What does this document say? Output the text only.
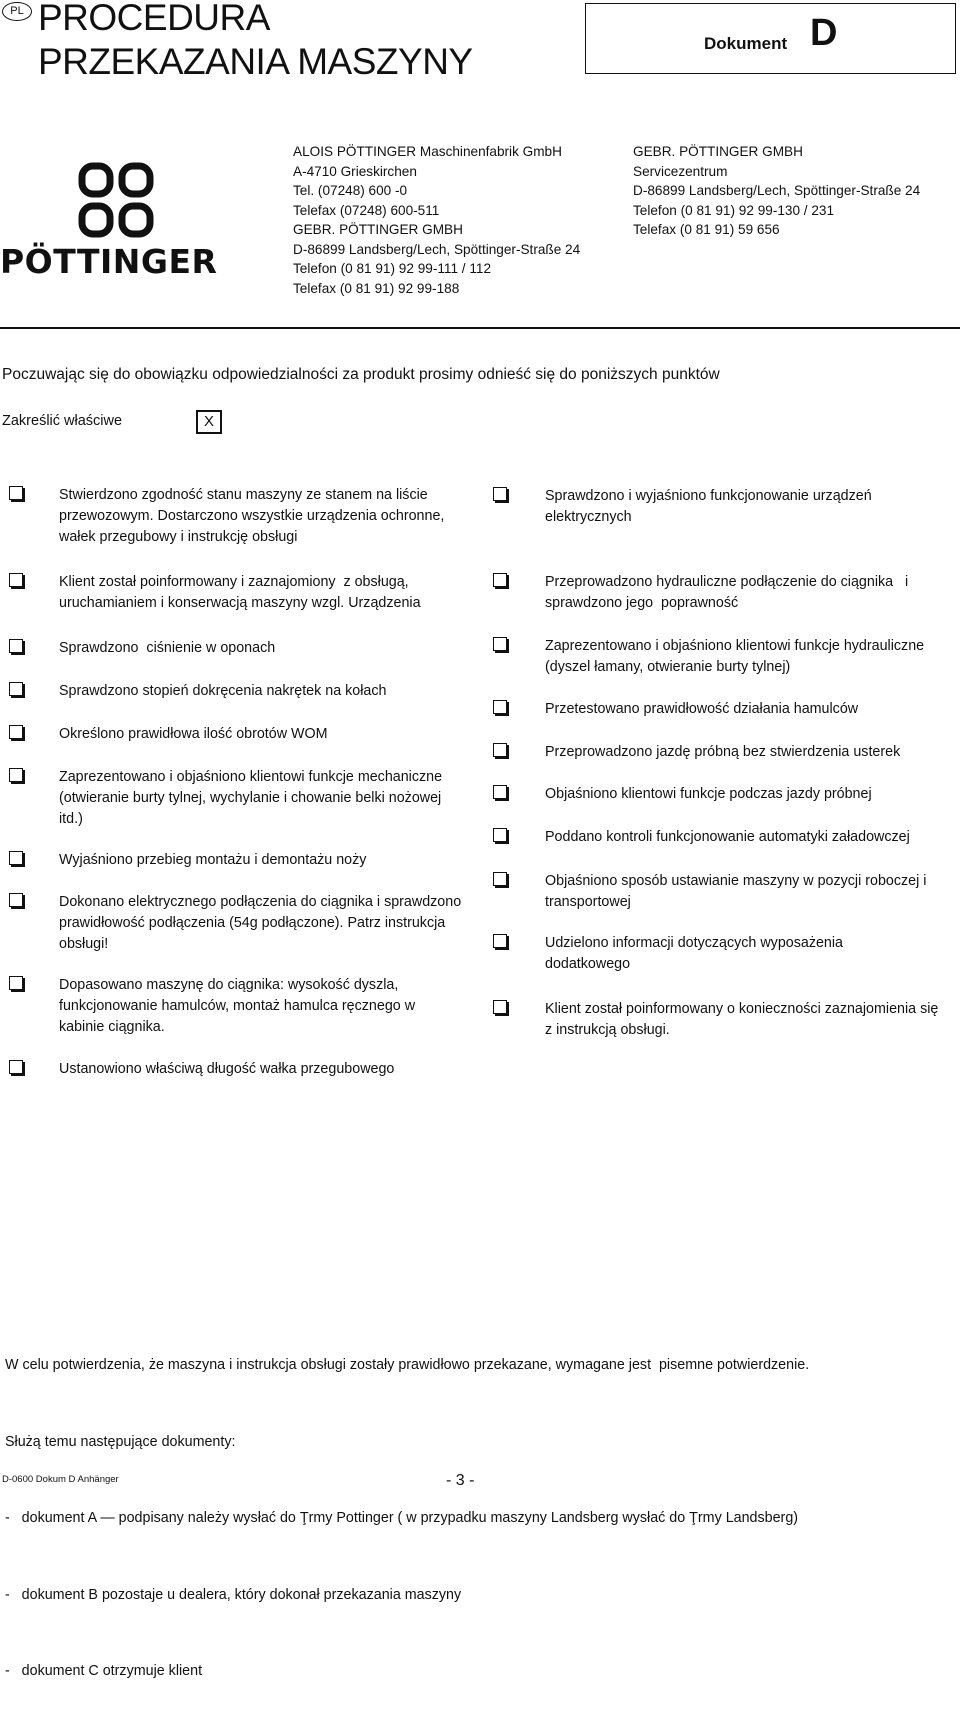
PL PROCEDURA
PRZEKAZANIA MASZYNY	Dokument D
PÖTTINGER
ALOIS PÖTTINGER Maschinenfabrik GmbH
A-4710 Grieskirchen
Tel. (07248) 600 -0
Telefax (07248) 600-511
GEBR. PÖTTINGER GMBH
D-86899 Landsberg/Lech, Spöttinger-Straße 24
Telefon (0 81 91) 92 99-111 / 112
Telefax (0 81 91) 92 99-188
GEBR. PÖTTINGER GMBH
Servicezentrum
D-86899 Landsberg/Lech, Spöttinger-Straße 24
Telefon (0 81 91) 92 99-130 / 231
Telefax (0 81 91) 59 656
Poczuwając się do obowiązku odpowiedzialności za produkt prosimy odnieść się do poniższych punktów
Zakreślić właściwe	X
Stwierdzono zgodność stanu maszyny ze stanem na liście
przewozowym. Dostarczono wszystkie urządzenia ochronne,
wałek przegubowy i instrukcję obsługi
Klient został poinformowany i zaznajomiony  z obsługą,
uruchamianiem i konserwacją maszyny wzgl. Urządzenia
Sprawdzono  ciśnienie w oponach
Sprawdzono stopień dokręcenia nakrętek na kołach
Określono prawidłowa ilość obrotów WOM
Zaprezentowano i objaśniono klientowi funkcje mechaniczne
(otwieranie burty tylnej, wychylanie i chowanie belki nożowej
itd.)
Wyjaśniono przebieg montażu i demontażu noży
Dokonano elektrycznego podłączenia do ciągnika i sprawdzono
prawidłowość podłączenia (54g podłączone). Patrz instrukcja
obsługi!
Dopasowano maszynę do ciągnika: wysokość dyszla,
funkcjonowanie hamulców, montaż hamulca ręcznego w
kabinie ciągnika.
Ustanowiono właściwą długość wałka przegubowego
Sprawdzono i wyjaśniono funkcjonowanie urządzeń
elektrycznych
Przeprowadzono hydrauliczne podłączenie do ciągnika   i
sprawdzono jego  poprawność
Zaprezentowano i objaśniono klientowi funkcje hydrauliczne
(dyszel łamany, otwieranie burty tylnej)
Przetestowano prawidłowość działania hamulców
Przeprowadzono jazdę próbną bez stwierdzenia usterek
Objaśniono klientowi funkcje podczas jazdy próbnej
Poddano kontroli funkcjonowanie automatyki załadowczej
Objaśniono sposób ustawianie maszyny w pozycji roboczej i
transportowej
Udzielono informacji dotyczących wyposażenia
dodatkowego
Klient został poinformowany o konieczności zaznajomienia się
z instrukcją obsługi.

W celu potwierdzenia, że maszyna i instrukcja obsługi zostały prawidłowo przekazane, wymagane jest  pisemne potwierdzenie.

Służą temu następujące dokumenty:

-   dokument A — podpisany należy wysłać do Ţrmy Pottinger ( w przypadku maszyny Landsberg wysłać do Ţrmy Landsberg)

-   dokument B pozostaje u dealera, który dokonał przekazania maszyny

-   dokument C otrzymuje klient

D-0600 Dokum D Anhänger	- 3 -
